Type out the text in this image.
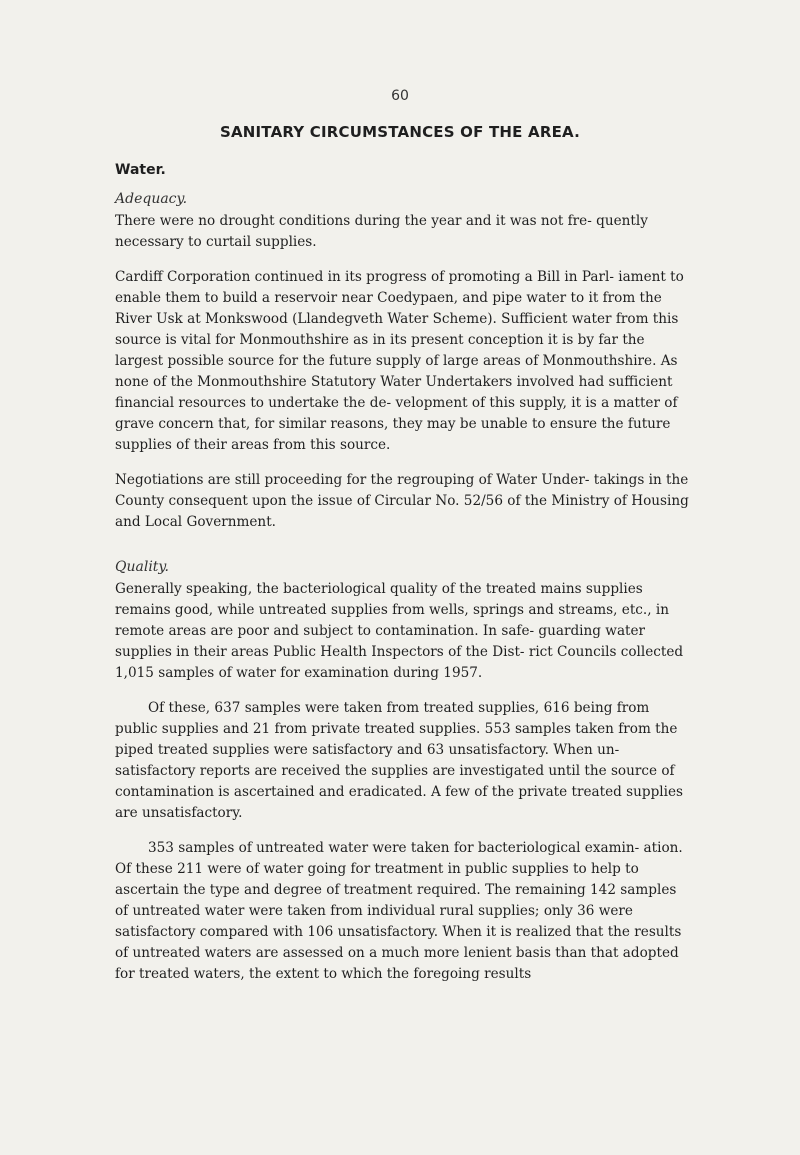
60
SANITARY CIRCUMSTANCES OF THE AREA.
Water.
Adequacy.

There were no drought conditions during the year and it was not fre- quently necessary to curtail supplies.

Cardiff Corporation continued in its progress of promoting a Bill in Parl- iament to enable them to build a reservoir near Coedypaen, and pipe water to it from the River Usk at Monkswood (Llandegveth Water Scheme). Sufficient water from this source is vital for Monmouthshire as in its present conception it is by far the largest possible source for the future supply of large areas of Monmouthshire. As none of the Monmouthshire Statutory Water Undertakers involved had sufficient financial resources to undertake the de- velopment of this supply, it is a matter of grave concern that, for similar reasons, they may be unable to ensure the future supplies of their areas from this source.

Negotiations are still proceeding for the regrouping of Water Under- takings in the County consequent upon the issue of Circular No. 52/56 of the Ministry of Housing and Local Government.

Quality.

Generally speaking, the bacteriological quality of the treated mains supplies remains good, while untreated supplies from wells, springs and streams, etc., in remote areas are poor and subject to contamination. In safe- guarding water supplies in their areas Public Health Inspectors of the Dist- rict Councils collected 1,015 samples of water for examination during 1957.

Of these, 637 samples were taken from treated supplies, 616 being from public supplies and 21 from private treated supplies. 553 samples taken from the piped treated supplies were satisfactory and 63 unsatisfactory. When un- satisfactory reports are received the supplies are investigated until the source of contamination is ascertained and eradicated. A few of the private treated supplies are unsatisfactory.

353 samples of untreated water were taken for bacteriological examin- ation. Of these 211 were of water going for treatment in public supplies to help to ascertain the type and degree of treatment required. The remaining 142 samples of untreated water were taken from individual rural supplies; only 36 were satisfactory compared with 106 unsatisfactory. When it is realized that the results of untreated waters are assessed on a much more lenient basis than that adopted for treated waters, the extent to which the foregoing results
